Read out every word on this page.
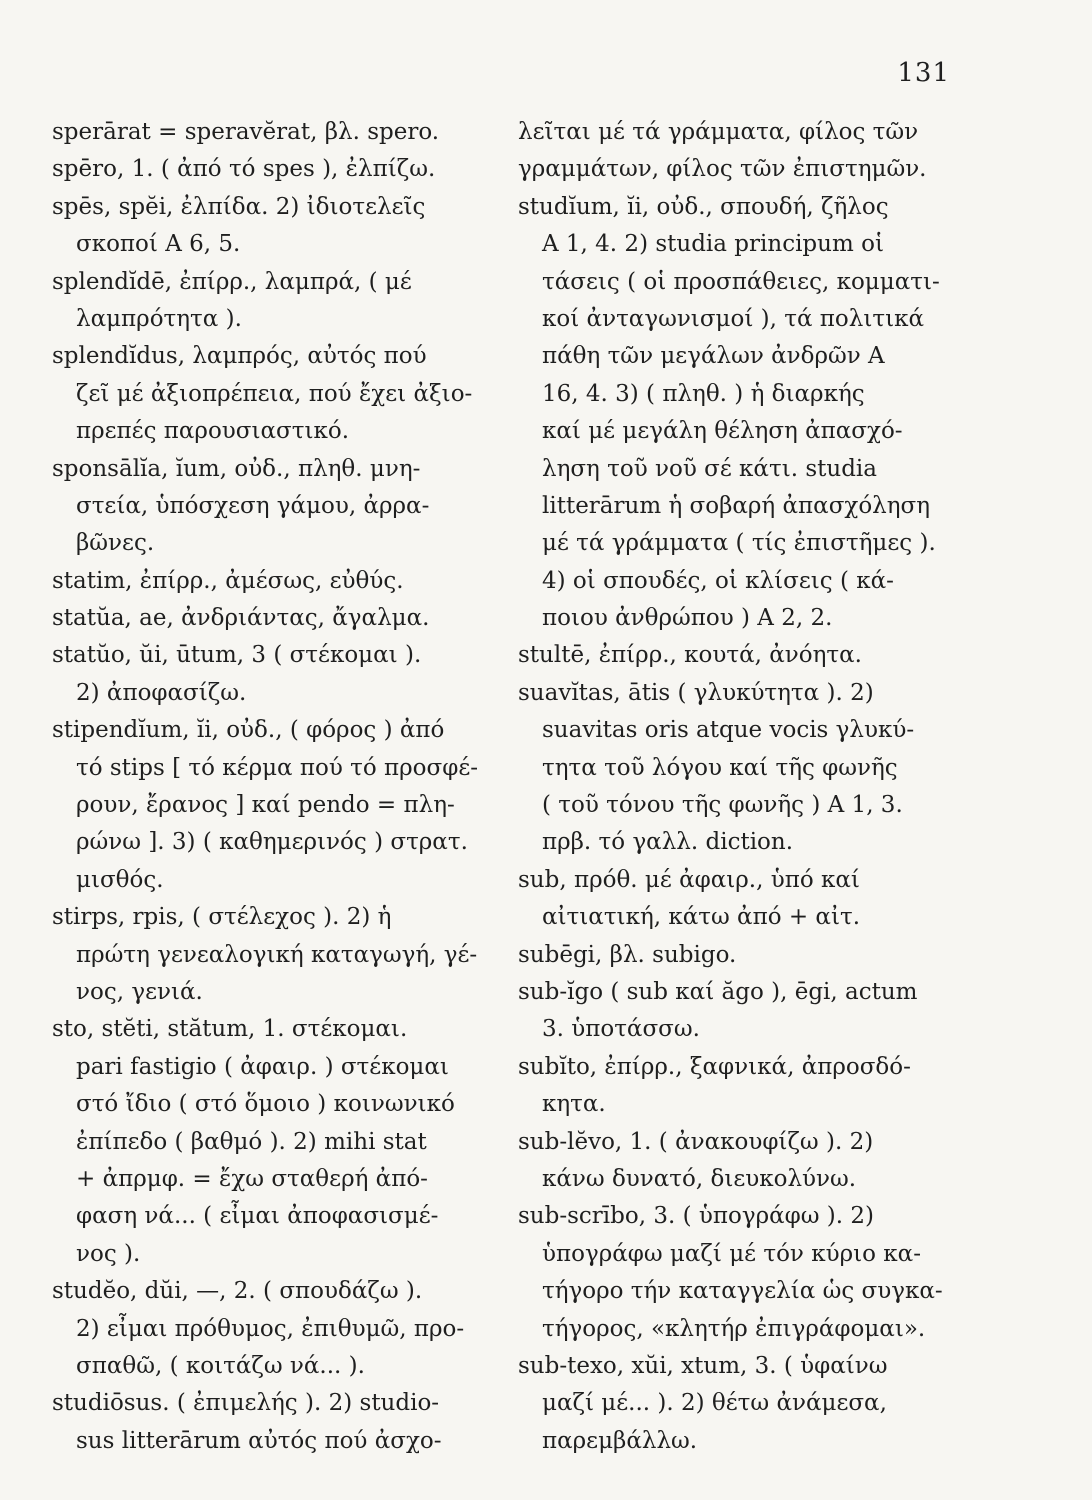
131
sperārat = speravĕrat, βλ. spero.
spēro, 1. ( ἀπό τό spes ), ἐλπίζω.
spēs, spĕi, ἐλπίδα. 2) ἰδιοτελεῖς
σκοποί A 6, 5.
splendĭdē, ἐπίρρ., λαμπρά, ( μέ
λαμπρότητα ).
splendĭdus, λαμπρός, αὐτός πού
ζεῖ μέ ἀξιοπρέπεια, πού ἔχει ἀξιο-
πρεπές παρουσιαστικό.
sponsālĭa, ĭum, οὐδ., πληθ. μνη-
στεία, ὑπόσχεση γάμου, ἀρρα-
βῶνες.
statim, ἐπίρρ., ἀμέσως, εὐθύς.
statŭa, ae, ἀνδριάντας, ἄγαλμα.
statŭo, ŭi, ūtum, 3 ( στέκομαι ).
2) ἀποφασίζω.
stipendĭum, ĭi, οὐδ., ( φόρος ) ἀπό
τό stips [ τό κέρμα πού τό προσφέ-
ρουν, ἔρανος ] καί pendo = πλη-
ρώνω ]. 3) ( καθημερινός ) στρατ.
μισθός.
stirps, rpis, ( στέλεχος ). 2) ἡ
πρώτη γενεαλογική καταγωγή, γέ-
νος, γενιά.
sto, stĕti, stătum, 1. στέκομαι.
pari fastigio ( ἀφαιρ. ) στέκομαι
στό ἴδιο ( στό ὅμοιο ) κοινωνικό
ἐπίπεδο ( βαθμό ). 2) mihi stat
+ ἀπρμφ. = ἔχω σταθερή ἀπό-
φαση νά... ( εἶμαι ἀποφασισμέ-
νος ).
studĕo, dŭi, —, 2. ( σπουδάζω ).
2) εἶμαι πρόθυμος, ἐπιθυμῶ, προ-
σπαθῶ, ( κοιτάζω νά... ).
studiōsus. ( ἐπιμελής ). 2) studio-
sus litterārum αὐτός πού ἀσχο-
λεῖται μέ τά γράμματα, φίλος τῶν
γραμμάτων, φίλος τῶν ἐπιστημῶν.
studĭum, ĭi, οὐδ., σπουδή, ζῆλος
A 1, 4. 2) studia principum οἱ
τάσεις ( οἱ προσπάθειες, κομματι-
κοί ἀνταγωνισμοί ), τά πολιτικά
πάθη τῶν μεγάλων ἀνδρῶν A
16, 4. 3) ( πληθ. ) ἡ διαρκής
καί μέ μεγάλη θέληση ἀπασχό-
ληση τοῦ νοῦ σέ κάτι. studia
litterārum ἡ σοβαρή ἀπασχόληση
μέ τά γράμματα ( τίς ἐπιστῆμες ).
4) οἱ σπουδές, οἱ κλίσεις ( κά-
ποιου ἀνθρώπου ) A 2, 2.
stultē, ἐπίρρ., κουτά, ἀνόητα.
suavĭtas, ātis ( γλυκύτητα ). 2)
suavitas oris atque vocis γλυκύ-
τητα τοῦ λόγου καί τῆς φωνῆς
( τοῦ τόνου τῆς φωνῆς ) A 1, 3.
πρβ. τό γαλλ. diction.
sub, πρόθ. μέ ἀφαιρ., ὑπό καί
αἰτιατική, κάτω ἀπό + αἰτ.
subēgi, βλ. subigo.
sub-ĭgo ( sub καί ăgo ), ēgi, actum
3. ὑποτάσσω.
subĭto, ἐπίρρ., ξαφνικά, ἀπροσδό-
κητα.
sub-lĕvo, 1. ( ἀνακουφίζω ). 2)
κάνω δυνατό, διευκολύνω.
sub-scrībo, 3. ( ὑπογράφω ). 2)
ὑπογράφω μαζί μέ τόν κύριο κα-
τήγορο τήν καταγγελία ὡς συγκα-
τήγορος, «κλητήρ ἐπιγράφομαι».
sub-texo, xŭi, xtum, 3. ( ὑφαίνω
μαζί μέ... ). 2) θέτω ἀνάμεσα,
παρεμβάλλω.
